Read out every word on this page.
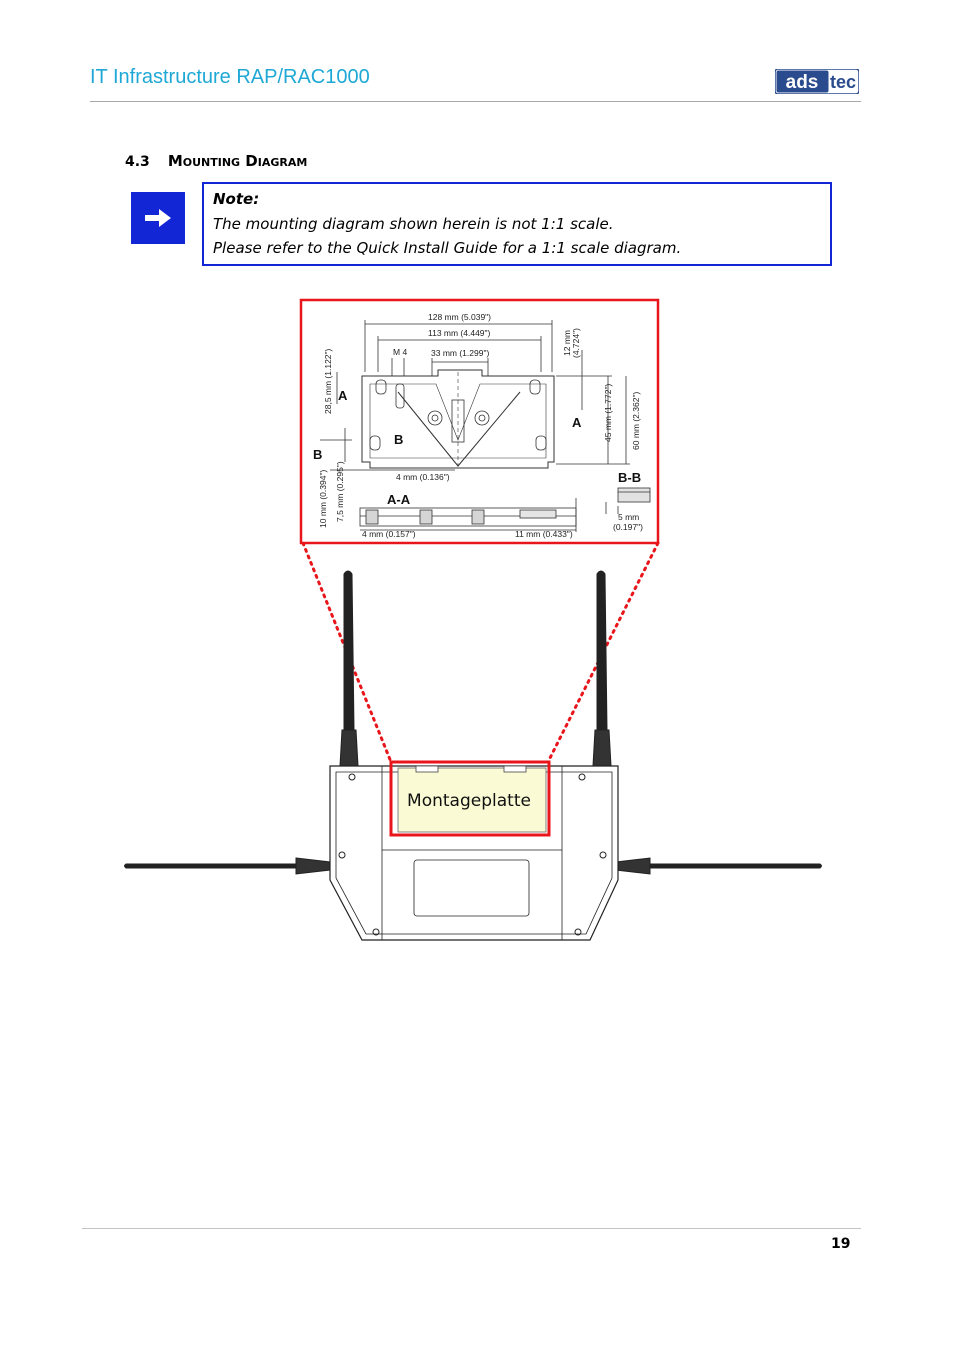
IT Infrastructure RAP/RAC1000	ads tec
4.3 Mounting Diagram
Note:
The mounting diagram shown herein is not 1:1 scale.
Please refer to the Quick Install Guide for a 1:1 scale diagram.
128 mm (5.039")
113 mm (4.449")
M 4	33 mm (1.299")	12 mm (4.724")
28,5 mm (1.122")	45 mm (1.772") 60 mm (2.362")
4 mm (0.136")
10 mm (0.394") 7,5 mm (0.295")
4 mm (0.157")	11 mm (0.433")
5 mm
(0.197")
A
A
B
B
A-A
B-B
Montageplatte
19
